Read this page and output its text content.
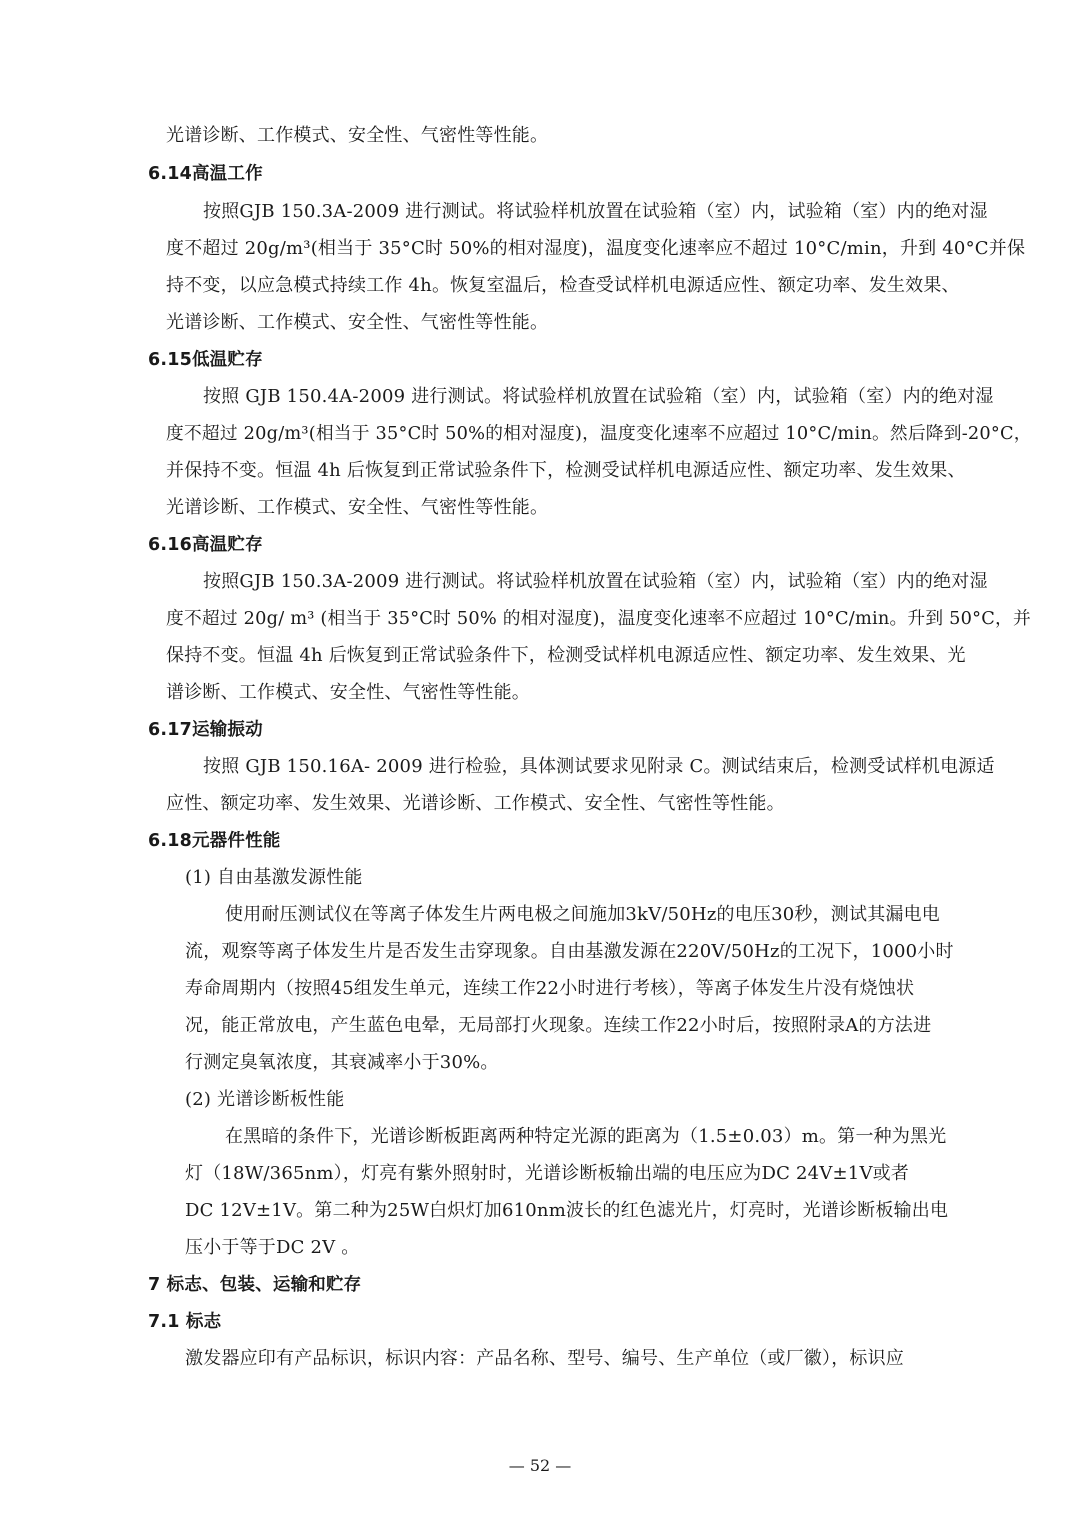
光谱诊断、工作模式、安全性、气密性等性能。
6.14高温工作
按照GJB 150.3A-2009 进行测试。将试验样机放置在试验箱（室）内，试验箱（室）内的绝对湿
度不超过 20g/m³(相当于 35°C时 50%的相对湿度)，温度变化速率应不超过 10°C/min，升到 40°C并保
持不变，以应急模式持续工作 4h。恢复室温后，检查受试样机电源适应性、额定功率、发生效果、
光谱诊断、工作模式、安全性、气密性等性能。
6.15低温贮存
按照 GJB 150.4A-2009 进行测试。将试验样机放置在试验箱（室）内，试验箱（室）内的绝对湿
度不超过 20g/m³(相当于 35°C时 50%的相对湿度)，温度变化速率不应超过 10°C/min。然后降到-20°C，
并保持不变。恒温 4h 后恢复到正常试验条件下，检测受试样机电源适应性、额定功率、发生效果、
光谱诊断、工作模式、安全性、气密性等性能。
6.16高温贮存
按照GJB 150.3A-2009 进行测试。将试验样机放置在试验箱（室）内，试验箱（室）内的绝对湿
度不超过 20g/ m³ (相当于 35°C时 50% 的相对湿度)，温度变化速率不应超过 10°C/min。升到 50°C，并
保持不变。恒温 4h 后恢复到正常试验条件下，检测受试样机电源适应性、额定功率、发生效果、光
谱诊断、工作模式、安全性、气密性等性能。
6.17运输振动
按照 GJB 150.16A- 2009 进行检验，具体测试要求见附录 C。测试结束后，检测受试样机电源适
应性、额定功率、发生效果、光谱诊断、工作模式、安全性、气密性等性能。
6.18元器件性能
(1) 自由基激发源性能
使用耐压测试仪在等离子体发生片两电极之间施加3kV/50Hz的电压30秒，测试其漏电电
流，观察等离子体发生片是否发生击穿现象。自由基激发源在220V/50Hz的工况下，1000小时
寿命周期内（按照45组发生单元，连续工作22小时进行考核），等离子体发生片没有烧蚀状
况，能正常放电，产生蓝色电晕，无局部打火现象。连续工作22小时后，按照附录A的方法进
行测定臭氧浓度，其衰减率小于30%。
(2) 光谱诊断板性能
在黑暗的条件下，光谱诊断板距离两种特定光源的距离为（1.5±0.03）m。第一种为黑光
灯（18W/365nm），灯亮有紫外照射时，光谱诊断板输出端的电压应为DC 24V±1V或者
DC 12V±1V。第二种为25W白炽灯加610nm波长的红色滤光片，灯亮时，光谱诊断板输出电
压小于等于DC 2V 。
7 标志、包装、运输和贮存
7.1 标志
激发器应印有产品标识，标识内容：产品名称、型号、编号、生产单位（或厂徽），标识应
— 52 —
